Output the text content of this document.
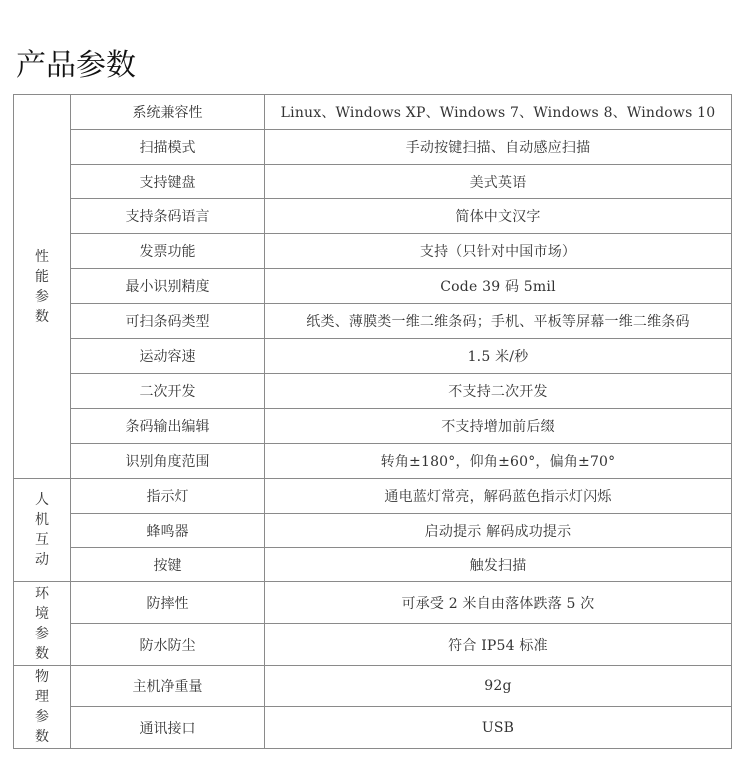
产品参数
性
能
参
数	系统兼容性	Linux、Windows XP、Windows 7、Windows 8、Windows 10
	扫描模式	手动按键扫描、自动感应扫描
	支持键盘	美式英语
	支持条码语言	简体中文汉字
	发票功能	支持（只针对中国市场）
	最小识别精度	Code 39 码 5mil
	可扫条码类型	纸类、薄膜类一维二维条码；手机、平板等屏幕一维二维条码
	运动容速	1.5 米/秒
	二次开发	不支持二次开发
	条码输出编辑	不支持增加前后缀
	识别角度范围	转角±180°，仰角±60°，偏角±70°

人
机
互
动	指示灯	通电蓝灯常亮，解码蓝色指示灯闪烁
	蜂鸣器	启动提示 解码成功提示
	按键	触发扫描

环
境
参
数	防摔性	可承受 2 米自由落体跌落 5 次
	防水防尘	符合 IP54 标准

物
理
参
数	主机净重量	92g
	通讯接口	USB
